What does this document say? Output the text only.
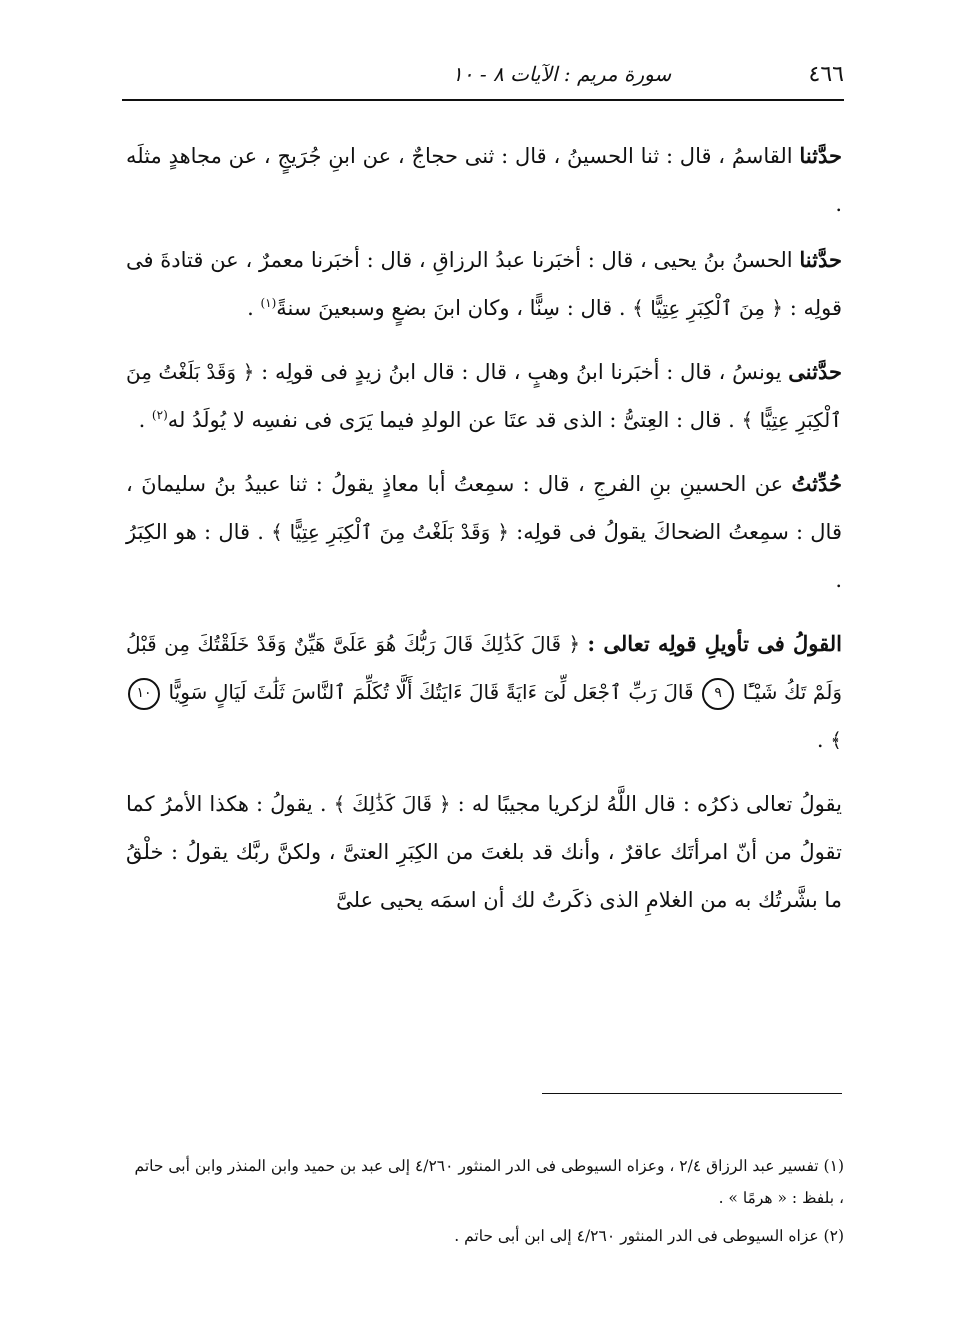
٤٦٦
سورة مريم : الآيات ٨ - ١٠

حدَّثنا القاسمُ ، قال : ثنا الحسينُ ، قال : ثنى حجاجٌ ، عن ابنِ جُرَيجٍ ، عن مجاهدٍ مثلَه .

حدَّثنا الحسنُ بنُ يحيى ، قال : أخبَرنا عبدُ الرزاقِ ، قال : أخبَرنا معمرٌ ، عن قتادةَ فى قولِه : ﴿ مِنَ ٱلْكِبَرِ عِتِيًّا ﴾ . قال : سِنًّا ، وكان ابنَ بضعٍ وسبعينَ سنةً$^{(١)}$ .

حدَّثنى يونسُ ، قال : أخبَرنا ابنُ وهبٍ ، قال : قال ابنُ زيدٍ فى قولِه : ﴿ وَقَدْ بَلَغْتُ مِنَ ٱلْكِبَرِ عِتِيًّا ﴾ . قال : العِتىُّ : الذى قد عتَا عن الولدِ فيما يَرَى فى نفسِه لا يُولَدُ له$^{(٢)}$ .

حُدِّثتُ عن الحسينِ بنِ الفرجِ ، قال : سمِعتُ أبا معاذٍ يقولُ : ثنا عبيدُ بنُ سليمانَ ، قال : سمِعتُ الضحاكَ يقولُ فى قولِه: ﴿ وَقَدْ بَلَغْتُ مِنَ ٱلْكِبَرِ عِتِيًّا ﴾ . قال : هو الكِبَرُ .

القولُ فى تأويلِ قولِه تعالى : ﴿ قَالَ كَذَٰلِكَ قَالَ رَبُّكَ هُوَ عَلَىَّ هَيِّنٌ وَقَدْ خَلَقْتُكَ مِن قَبْلُ وَلَمْ تَكُ شَيْـًٔا ٩ قَالَ رَبِّ ٱجْعَل لِّىٓ ءَايَةً قَالَ ءَايَتُكَ أَلَّا تُكَلِّمَ ٱلنَّاسَ ثَلَٰثَ لَيَالٍ سَوِيًّا ١٠ ﴾ .

يقولُ تعالى ذكرُه : قال اللَّهُ لزكريا مجيبًا له : ﴿ قَالَ كَذَٰلِكَ ﴾ . يقولُ : هكذا الأمرُ كما تقولُ من أنّ امرأتَك عاقرٌ ، وأنك قد بلغتَ من الكِبَرِ العتىَّ ، ولكنَّ ربَّك يقولُ : خلْقُ ما بشَّرتُك به من الغلامِ الذى ذكَرتُ لك أن اسمَه يحيى علىَّ

(١) تفسير عبد الرزاق ٢/٤ ، وعزاه السيوطى فى الدر المنثور ٤/٢٦٠ إلى عبد بن حميد وابن المنذر وابن أبى حاتم ، بلفظ : « هرمًا » .

(٢) عزاه السيوطى فى الدر المنثور ٤/٢٦٠ إلى ابن أبى حاتم .
